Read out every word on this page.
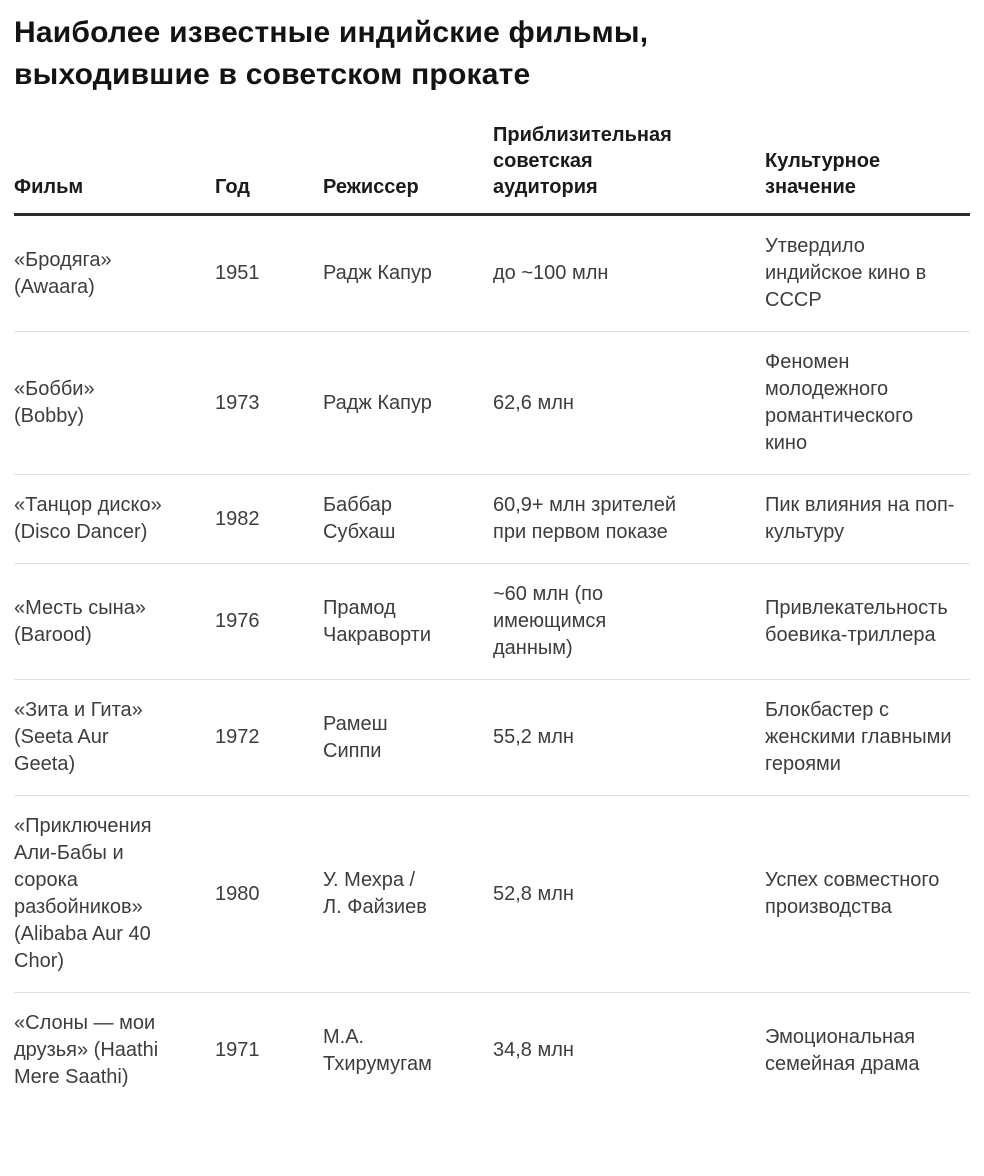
Наиболее известные индийские фильмы, выходившие в советском прокате
Фильм	Год	Режиссер	Приблизительная советская аудитория	Культурное значение
«Бродяга» (Awaara)	1951	Радж Капур	до ~100 млн	Утвердило индийское кино в СССР
«Бобби» (Bobby)	1973	Радж Капур	62,6 млн	Феномен молодежного романтического кино
«Танцор диско» (Disco Dancer)	1982	Баббар Субхаш	60,9+ млн зрителей при первом показе	Пик влияния на поп-культуру
«Месть сына» (Barood)	1976	Прамод Чакраворти	~60 млн (по имеющимся данным)	Привлекательность боевика-триллера
«Зита и Гита» (Seeta Aur Geeta)	1972	Рамеш Сиппи	55,2 млн	Блокбастер с женскими главными героями
«Приключения Али-Бабы и сорока разбойников» (Alibaba Aur 40 Chor)	1980	У. Мехра / Л. Файзиев	52,8 млн	Успех совместного производства
«Слоны — мои друзья» (Haathi Mere Saathi)	1971	М.А. Тхирумугам	34,8 млн	Эмоциональная семейная драма
